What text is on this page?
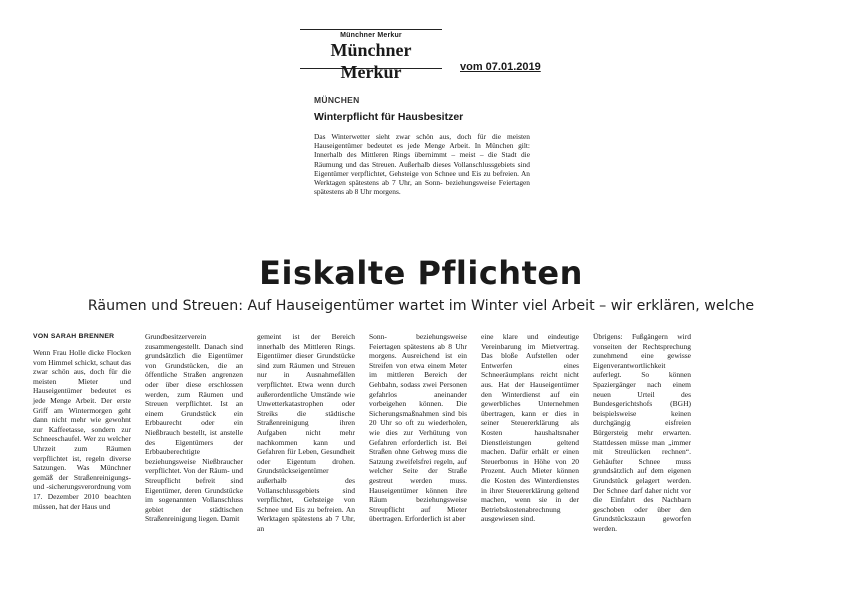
Münchner Merkur
Münchner Merkur	vom 07.01.2019
MÜNCHEN
Winterpflicht für Hausbesitzer
Das Winterwetter sieht zwar schön aus, doch für die meisten Hauseigentümer bedeutet es jede Menge Arbeit. In München gilt: Innerhalb des Mittleren Rings übernimmt – meist – die Stadt die Räumung und das Streuen. Außerhalb dieses Vollanschlussgebiets sind Eigentümer verpflichtet, Gehsteige von Schnee und Eis zu befreien. An Werktagen spätestens ab 7 Uhr, an Sonn- beziehungsweise Feiertagen spätestens ab 8 Uhr morgens.
Eiskalte Pflichten
Räumen und Streuen: Auf Hauseigentümer wartet im Winter viel Arbeit – wir erklären, welche
VON SARAH BRENNER
Wenn Frau Holle dicke Flocken vom Himmel schickt, schaut das zwar schön aus, doch für die meisten Mieter und Hauseigentümer bedeutet es jede Menge Arbeit. Der erste Griff am Wintermorgen geht dann nicht mehr wie gewohnt zur Kaffeetasse, sondern zur Schneeschaufel. Wer zu welcher Uhrzeit zum Räumen verpflichtet ist, regeln diverse Satzungen. Was Münchner gemäß der Straßenreinigungs- und -sicherungsverordnung vom 17. Dezember 2010 beachten müssen, hat der Haus und
Grundbesitzerverein zusammengestellt. Danach sind grundsätzlich die Eigentümer von Grundstücken, die an öffentliche Straßen angrenzen oder über diese erschlossen werden, zum Räumen und Streuen verpflichtet. Ist an einem Grundstück ein Erbbaurecht oder ein Nießbrauch bestellt, ist anstelle des Eigentümers der Erbbauberechtigte beziehungsweise Nießbraucher verpflichtet. Von der Räum- und Streupflicht befreit sind Eigentümer, deren Grundstücke im sogenannten Vollanschluss gebiet der städtischen Straßenreinigung liegen. Damit
gemeint ist der Bereich innerhalb des Mittleren Rings. Eigentümer dieser Grundstücke sind zum Räumen und Streuen nur in Ausnahmefällen verpflichtet. Etwa wenn durch außerordentliche Umstände wie Unwetterkatastrophen oder Streiks die städtische Straßenreinigung ihren Aufgaben nicht mehr nachkommen kann und Gefahren für Leben, Gesundheit oder Eigentum drohen. Grundstückseigentümer außerhalb des Vollanschlussgebiets sind verpflichtet, Gehsteige von Schnee und Eis zu befreien. An Werktagen spätestens ab 7 Uhr, an
Sonn- beziehungsweise Feiertagen spätestens ab 8 Uhr morgens. Ausreichend ist ein Streifen von etwa einem Meter im mittleren Bereich der Gehbahn, sodass zwei Personen gefahrlos aneinander vorbeigehen können. Die Sicherungsmaßnahmen sind bis 20 Uhr so oft zu wiederholen, wie dies zur Verhütung von Gefahren erforderlich ist. Bei Straßen ohne Gehweg muss die Satzung zweifelsfrei regeln, auf welcher Seite der Straße gestreut werden muss. Hauseigentümer können ihre Räum beziehungsweise Streupflicht auf Mieter übertragen. Erforderlich ist aber
eine klare und eindeutige Vereinbarung im Mietvertrag. Das bloße Aufstellen oder Entwerfen eines Schneeräumplans reicht nicht aus. Hat der Hauseigentümer den Winterdienst auf ein gewerbliches Unternehmen übertragen, kann er dies in seiner Steuererklärung als Kosten haushaltsnaher Dienstleistungen geltend machen. Dafür erhält er einen Steuerbonus in Höhe von 20 Prozent. Auch Mieter können die Kosten des Winterdienstes in ihrer Steuererklärung geltend machen, wenn sie in der Betriebskostenabrechnung ausgewiesen sind.
Übrigens: Fußgängern wird vonseiten der Rechtsprechung zunehmend eine gewisse Eigenverantwortlichkeit auferlegt. So können Spaziergänger nach einem neuen Urteil des Bundesgerichtshofs (BGH) beispielsweise keinen durchgängig eisfreien Bürgersteig mehr erwarten. Stattdessen müsse man „immer mit Streulücken rechnen“. Gehäufter Schnee muss grundsätzlich auf dem eigenen Grundstück gelagert werden. Der Schnee darf daher nicht vor die Einfahrt des Nachbarn geschoben oder über den Grundstückszaun geworfen werden.
